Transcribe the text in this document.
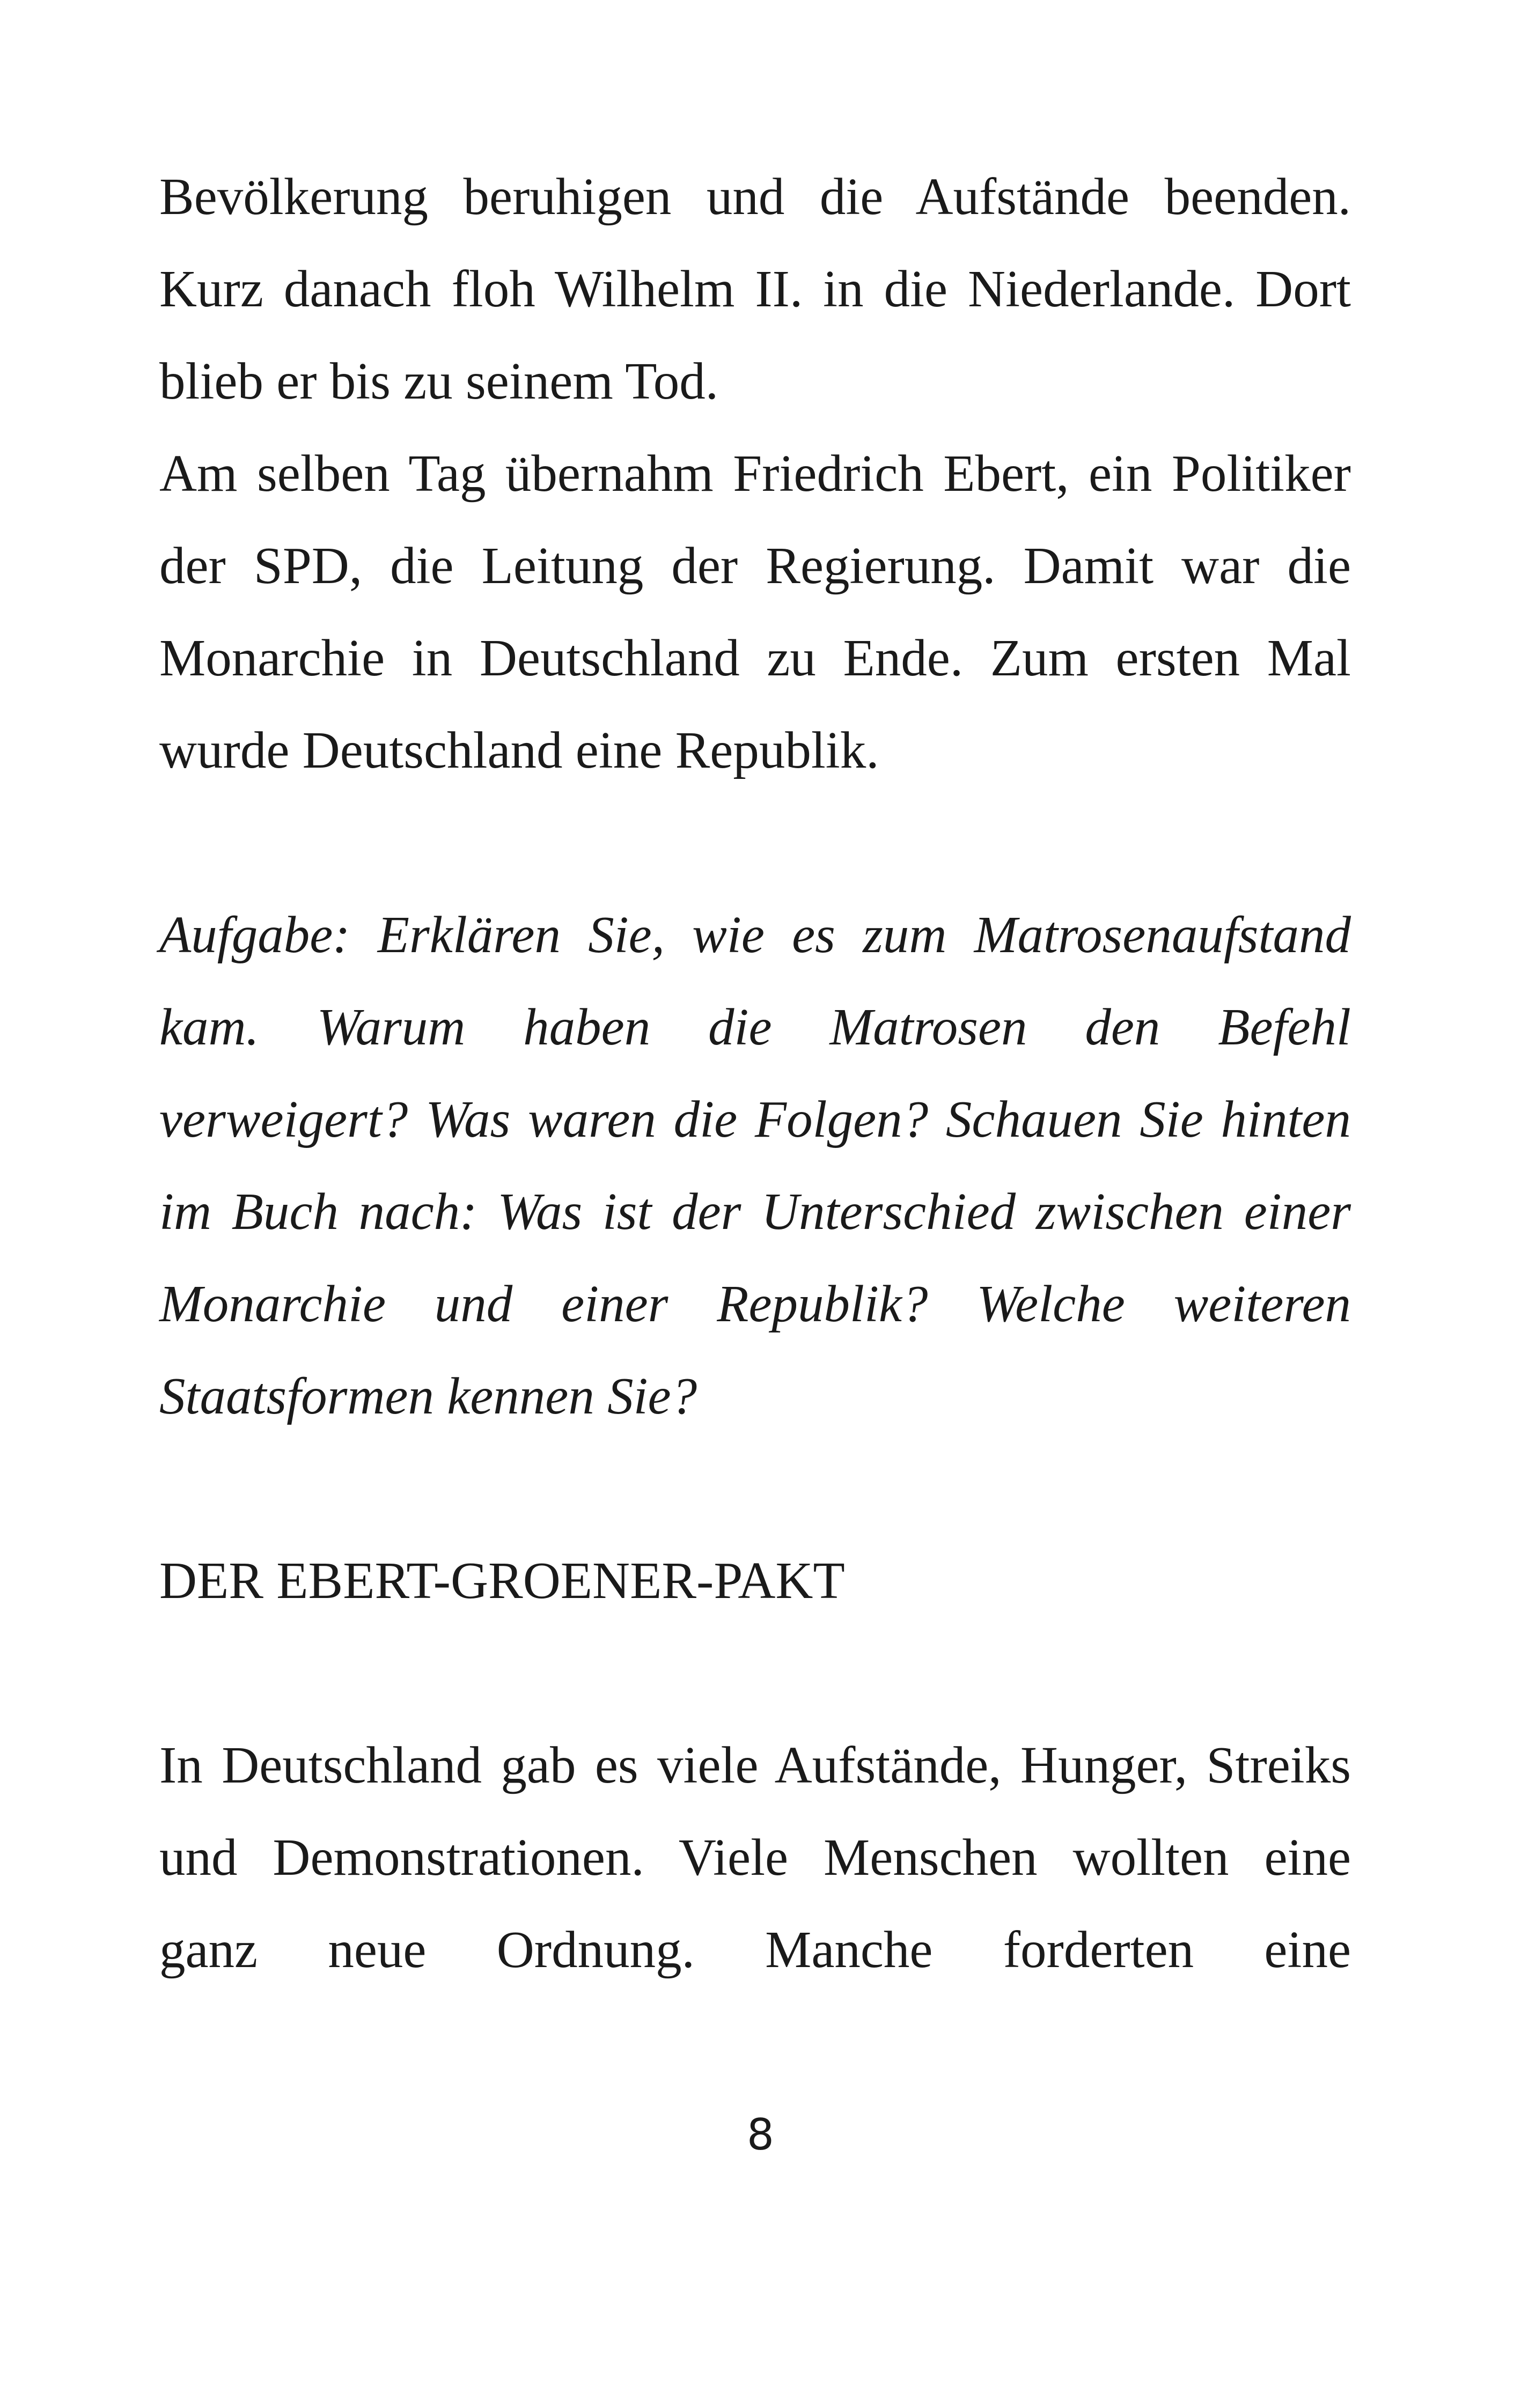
Bevölkerung beruhigen und die Aufstände beenden.

Kurz danach floh Wilhelm II. in die Niederlande. Dort

blieb er bis zu seinem Tod.

Am selben Tag übernahm Friedrich Ebert, ein Politiker

der SPD, die Leitung der Regierung. Damit war die

Monarchie in Deutschland zu Ende. Zum ersten Mal

wurde Deutschland eine Republik.

Aufgabe: Erklären Sie, wie es zum Matrosenaufstand

kam. Warum haben die Matrosen den Befehl

verweigert? Was waren die Folgen? Schauen Sie hinten

im Buch nach: Was ist der Unterschied zwischen einer

Monarchie und einer Republik? Welche weiteren

Staatsformen kennen Sie?

DER EBERT-GROENER-PAKT

In Deutschland gab es viele Aufstände, Hunger, Streiks

und Demonstrationen. Viele Menschen wollten eine

ganz neue Ordnung. Manche forderten eine

8
